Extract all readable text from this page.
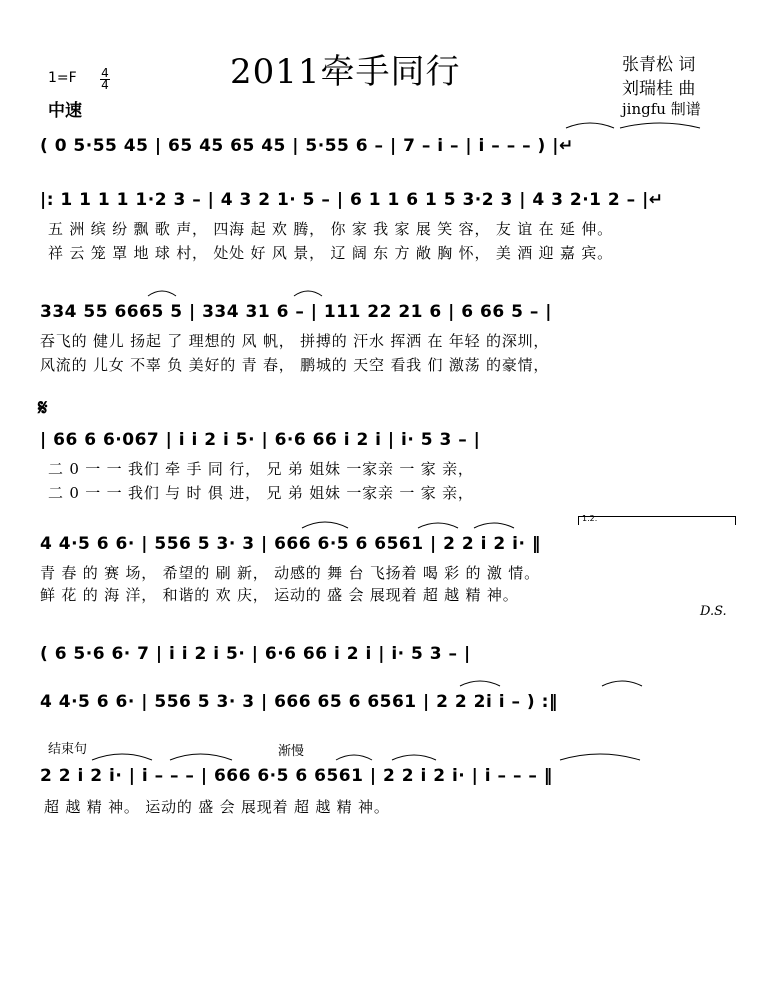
2011牵手同行	张青松 词
刘瑞桂 曲
jingfu 制谱
1=F 4
4
中速
( 0 5·55 45 | 65 45 65 45 | 5·55 6 – | 7 – i – | i – – – ) |↵
|: 1 1 1 1 1·2 3 – | 4 3 2 1· 5 – | 6 1 1 6 1 5 3·2 3 | 4 3 2·1 2 – |↵
五 洲 缤 纷 飘 歌 声， 四海 起 欢 腾， 你 家 我 家 展 笑 容， 友 谊 在 延 伸。
祥 云 笼 罩 地 球 村， 处处 好 风 景， 辽 阔 东 方 敞 胸 怀， 美 酒 迎 嘉 宾。
334 55 6665 5 | 334 31 6 – | 111 22 21 6 | 6 66 5 – |
吞飞的 健儿 扬起 了 理想的 风 帆， 拼搏的 汗水 挥洒 在 年轻 的深圳，
风流的 儿女 不辜 负 美好的 青 春， 鹏城的 天空 看我 们 激荡 的豪情，
𝄋
| 66 6 6·067 | i i 2 i 5· | 6·6 66 i 2 i | i· 5 3 – |
二 0 一 一 我们 牵 手 同 行， 兄 弟 姐妹 一家亲 一 家 亲，
二 0 一 一 我们 与 时 俱 进， 兄 弟 姐妹 一家亲 一 家 亲，
1.2.
4 4·5 6 6· | 556 5 3· 3 | 666 6·5 6 6561 | 2 2 i 2 i· ‖
青 春 的 赛 场， 希望的 刷 新， 动感的 舞 台 飞扬着 喝 彩 的 激 情。
鲜 花 的 海 洋， 和谐的 欢 庆， 运动的 盛 会 展现着 超 越 精 神。
D.S.
( 6 5·6 6· 7 | i i 2 i 5· | 6·6 66 i 2 i | i· 5 3 – |
4 4·5 6 6· | 556 5 3· 3 | 666 65 6 6561 | 2 2 2i i – ) :‖
结束句	渐慢
2 2 i 2 i· | i – – – | 666 6·5 6 6561 | 2 2 i 2 i· | i – – – ‖
超 越 精 神。 运动的 盛 会 展现着 超 越 精 神。
